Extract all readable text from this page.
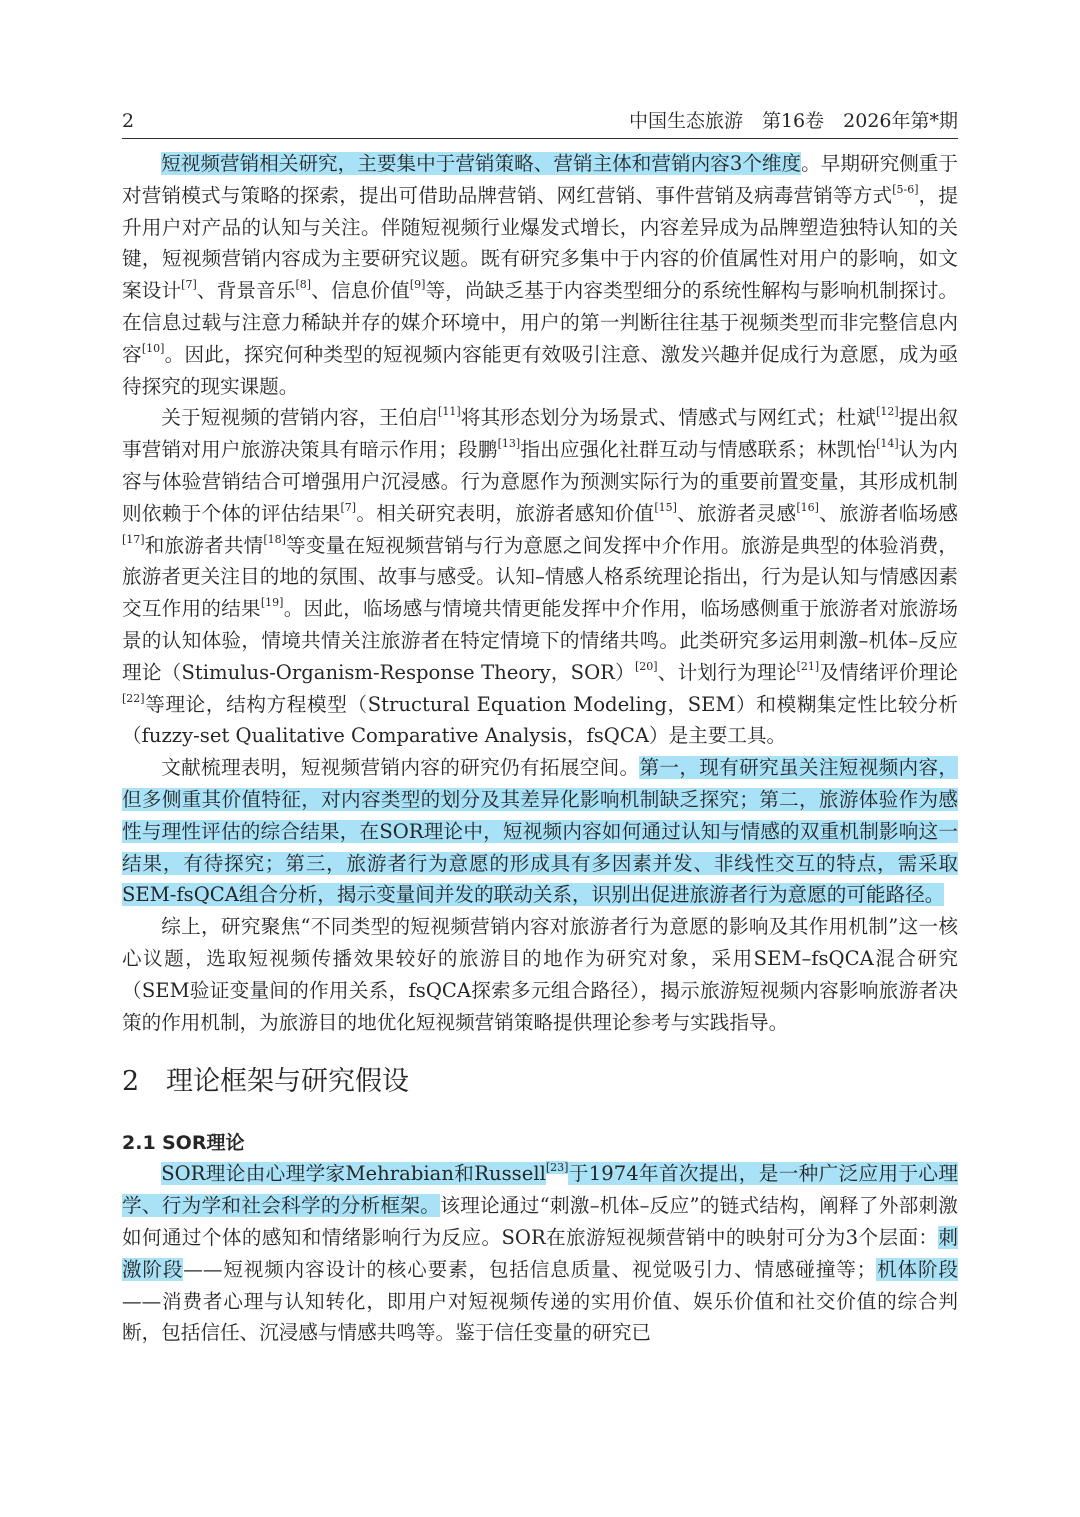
2	中国生态旅游　第16卷　2026年第*期

短视频营销相关研究，主要集中于营销策略、营销主体和营销内容3个维度。早期研究侧重于对营销模式与策略的探索，提出可借助品牌营销、网红营销、事件营销及病毒营销等方式[5-6]，提升用户对产品的认知与关注。伴随短视频行业爆发式增长，内容差异成为品牌塑造独特认知的关键，短视频营销内容成为主要研究议题。既有研究多集中于内容的价值属性对用户的影响，如文案设计[7]、背景音乐[8]、信息价值[9]等，尚缺乏基于内容类型细分的系统性解构与影响机制探讨。在信息过载与注意力稀缺并存的媒介环境中，用户的第一判断往往基于视频类型而非完整信息内容[10]。因此，探究何种类型的短视频内容能更有效吸引注意、激发兴趣并促成行为意愿，成为亟待探究的现实课题。

关于短视频的营销内容，王伯启[11]将其形态划分为场景式、情感式与网红式；杜斌[12]提出叙事营销对用户旅游决策具有暗示作用；段鹏[13]指出应强化社群互动与情感联系；林凯怡[14]认为内容与体验营销结合可增强用户沉浸感。行为意愿作为预测实际行为的重要前置变量，其形成机制则依赖于个体的评估结果[7]。相关研究表明，旅游者感知价值[15]、旅游者灵感[16]、旅游者临场感[17]和旅游者共情[18]等变量在短视频营销与行为意愿之间发挥中介作用。旅游是典型的体验消费，旅游者更关注目的地的氛围、故事与感受。认知–情感人格系统理论指出，行为是认知与情感因素交互作用的结果[19]。因此，临场感与情境共情更能发挥中介作用，临场感侧重于旅游者对旅游场景的认知体验，情境共情关注旅游者在特定情境下的情绪共鸣。此类研究多运用刺激–机体–反应理论（Stimulus-Organism-Response Theory，SOR）[20]、计划行为理论[21]及情绪评价理论[22]等理论，结构方程模型（Structural Equation Modeling，SEM）和模糊集定性比较分析（fuzzy-set Qualitative Comparative Analysis，fsQCA）是主要工具。

文献梳理表明，短视频营销内容的研究仍有拓展空间。第一，现有研究虽关注短视频内容，但多侧重其价值特征，对内容类型的划分及其差异化影响机制缺乏探究；第二，旅游体验作为感性与理性评估的综合结果，在SOR理论中，短视频内容如何通过认知与情感的双重机制影响这一结果，有待探究；第三，旅游者行为意愿的形成具有多因素并发、非线性交互的特点，需采取SEM-fsQCA组合分析，揭示变量间并发的联动关系，识别出促进旅游者行为意愿的可能路径。

综上，研究聚焦“不同类型的短视频营销内容对旅游者行为意愿的影响及其作用机制”这一核心议题，选取短视频传播效果较好的旅游目的地作为研究对象，采用SEM–fsQCA混合研究（SEM验证变量间的作用关系，fsQCA探索多元组合路径），揭示旅游短视频内容影响旅游者决策的作用机制，为旅游目的地优化短视频营销策略提供理论参考与实践指导。

2 理论框架与研究假设
2.1 SOR理论

SOR理论由心理学家Mehrabian和Russell[23]于1974年首次提出，是一种广泛应用于心理学、行为学和社会科学的分析框架。该理论通过“刺激–机体–反应”的链式结构，阐释了外部刺激如何通过个体的感知和情绪影响行为反应。SOR在旅游短视频营销中的映射可分为3个层面：刺激阶段——短视频内容设计的核心要素，包括信息质量、视觉吸引力、情感碰撞等；机体阶段——消费者心理与认知转化，即用户对短视频传递的实用价值、娱乐价值和社交价值的综合判断，包括信任、沉浸感与情感共鸣等。鉴于信任变量的研究已
